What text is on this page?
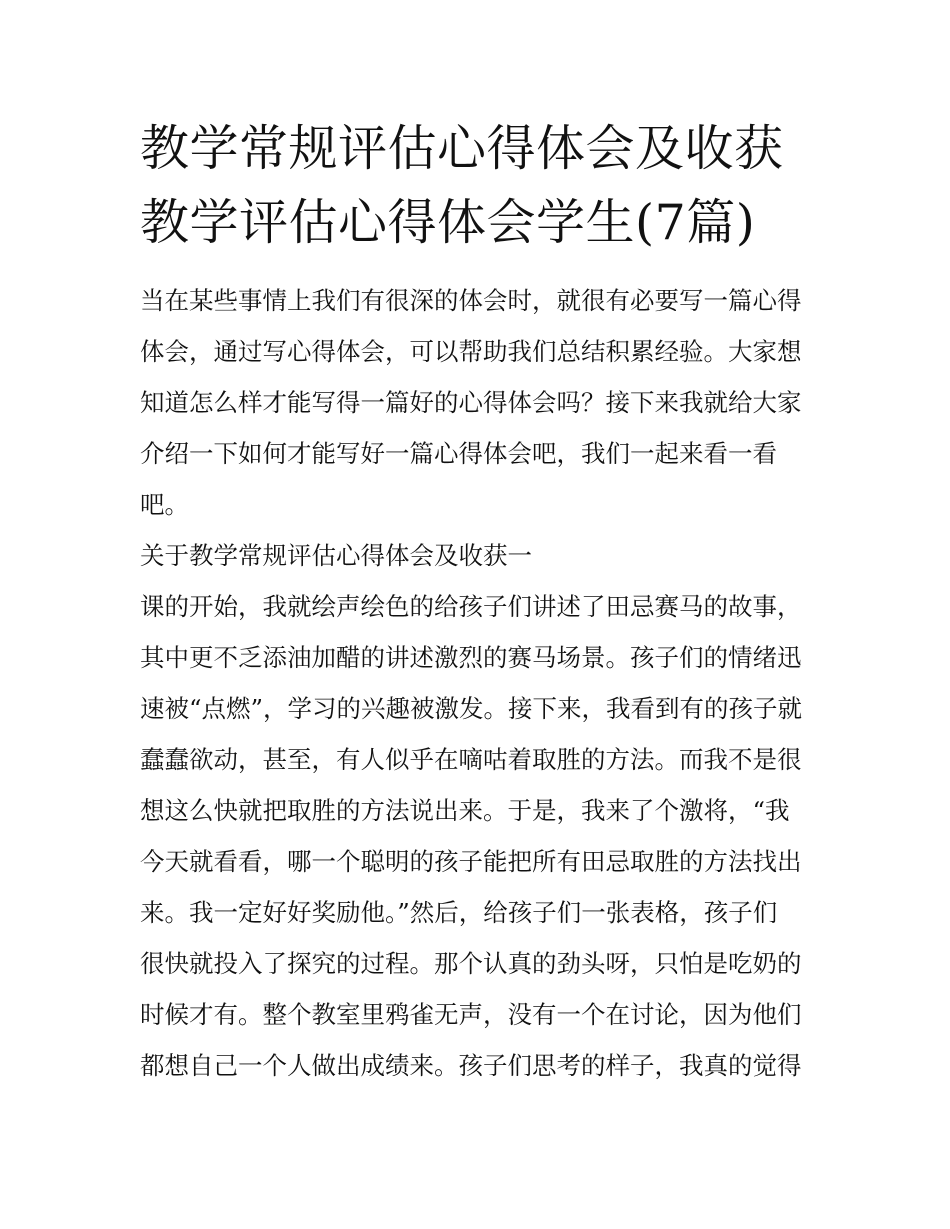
教学常规评估心得体会及收获
教学评估心得体会学生(7篇)
当在某些事情上我们有很深的体会时，就很有必要写一篇心得
体会，通过写心得体会，可以帮助我们总结积累经验。大家想
知道怎么样才能写得一篇好的心得体会吗？接下来我就给大家
介绍一下如何才能写好一篇心得体会吧，我们一起来看一看
吧。
关于教学常规评估心得体会及收获一
课的开始，我就绘声绘色的给孩子们讲述了田忌赛马的故事，
其中更不乏添油加醋的讲述激烈的赛马场景。孩子们的情绪迅
速被“点燃”，学习的兴趣被激发。接下来，我看到有的孩子就
蠢蠢欲动，甚至，有人似乎在嘀咕着取胜的方法。而我不是很
想这么快就把取胜的方法说出来。于是，我来了个激将，“我
今天就看看，哪一个聪明的孩子能把所有田忌取胜的方法找出
来。我一定好好奖励他。”然后，给孩子们一张表格，孩子们
很快就投入了探究的过程。那个认真的劲头呀，只怕是吃奶的
时候才有。整个教室里鸦雀无声，没有一个在讨论，因为他们
都想自己一个人做出成绩来。孩子们思考的样子，我真的觉得
